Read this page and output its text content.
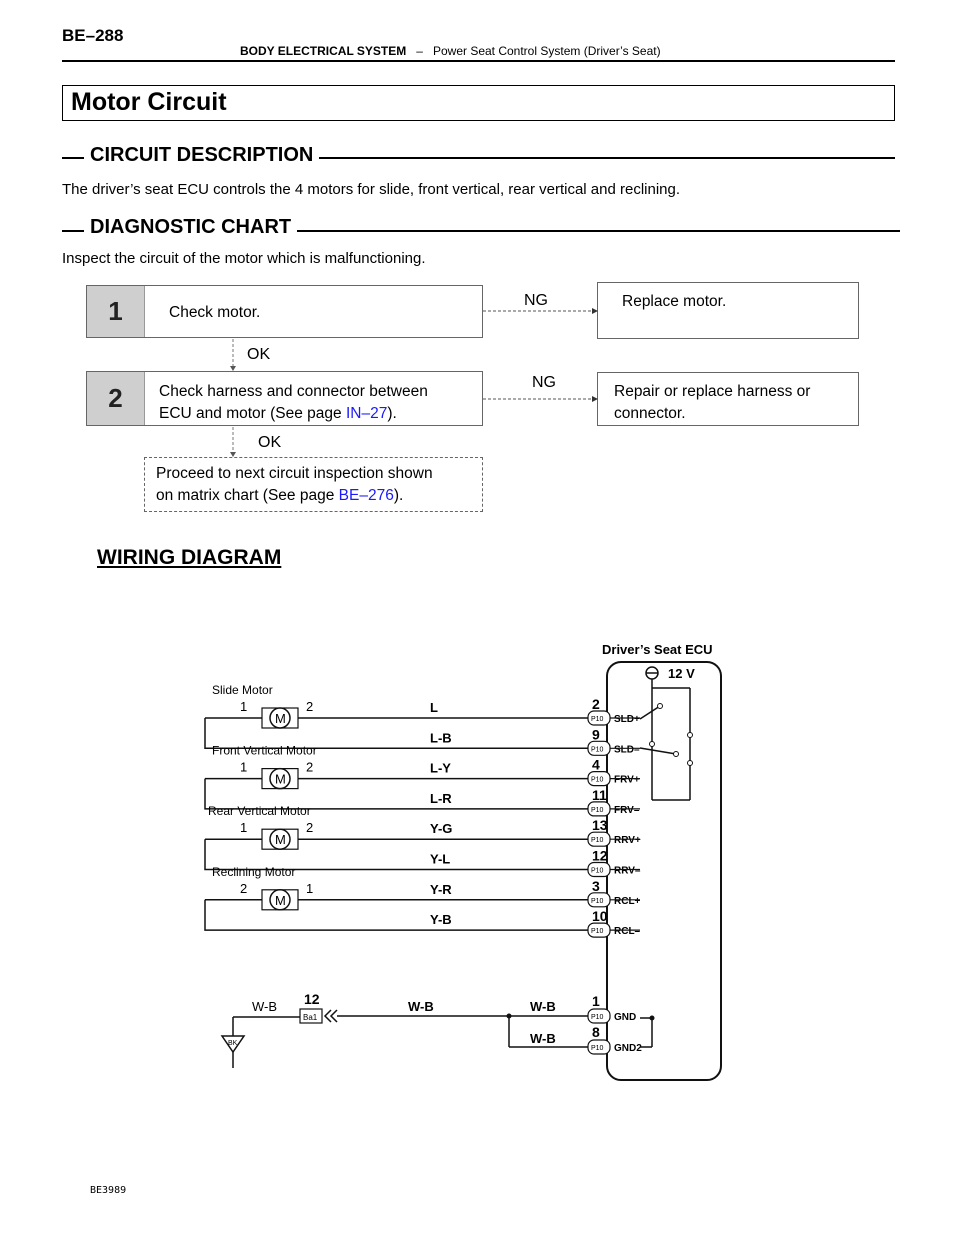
BE–288
BODY ELECTRICAL SYSTEM – Power Seat Control System (Driver’s Seat)
Motor Circuit
CIRCUIT DESCRIPTION
The driver’s seat ECU controls the 4 motors for slide, front vertical, rear vertical and reclining.
DIAGNOSTIC CHART
Inspect the circuit of the motor which is malfunctioning.
1	Check motor.
NG	Replace motor.
OK
2	Check harness and connector between
ECU and motor (See page IN–27).
NG
Repair or replace harness or
connector.
OK
Proceed to next circuit inspection shown
on matrix chart (See page BE–276).
WIRING DIAGRAM
Driver’s Seat ECU
12 V
L
P10
2
SLD+
L-B
P10
9
SLD–
L-Y
P10
4
FRV+
L-R
P10
11
FRV–
Y-G
P10
13
RRV+
Y-L
P10
12
RRV–
Y-R
P10
3
RCL+
Y-B
P10
10
RCL–
M
Slide Motor
1	2
M
Front Vertical Motor
1	2
M
Rear Vertical Motor
1	2
M
Reclining Motor
2	1
BK
W-B
Ba1
12	W-B	W-B
W-B
P10
1
GND
P10
8
GND2
BE3989
